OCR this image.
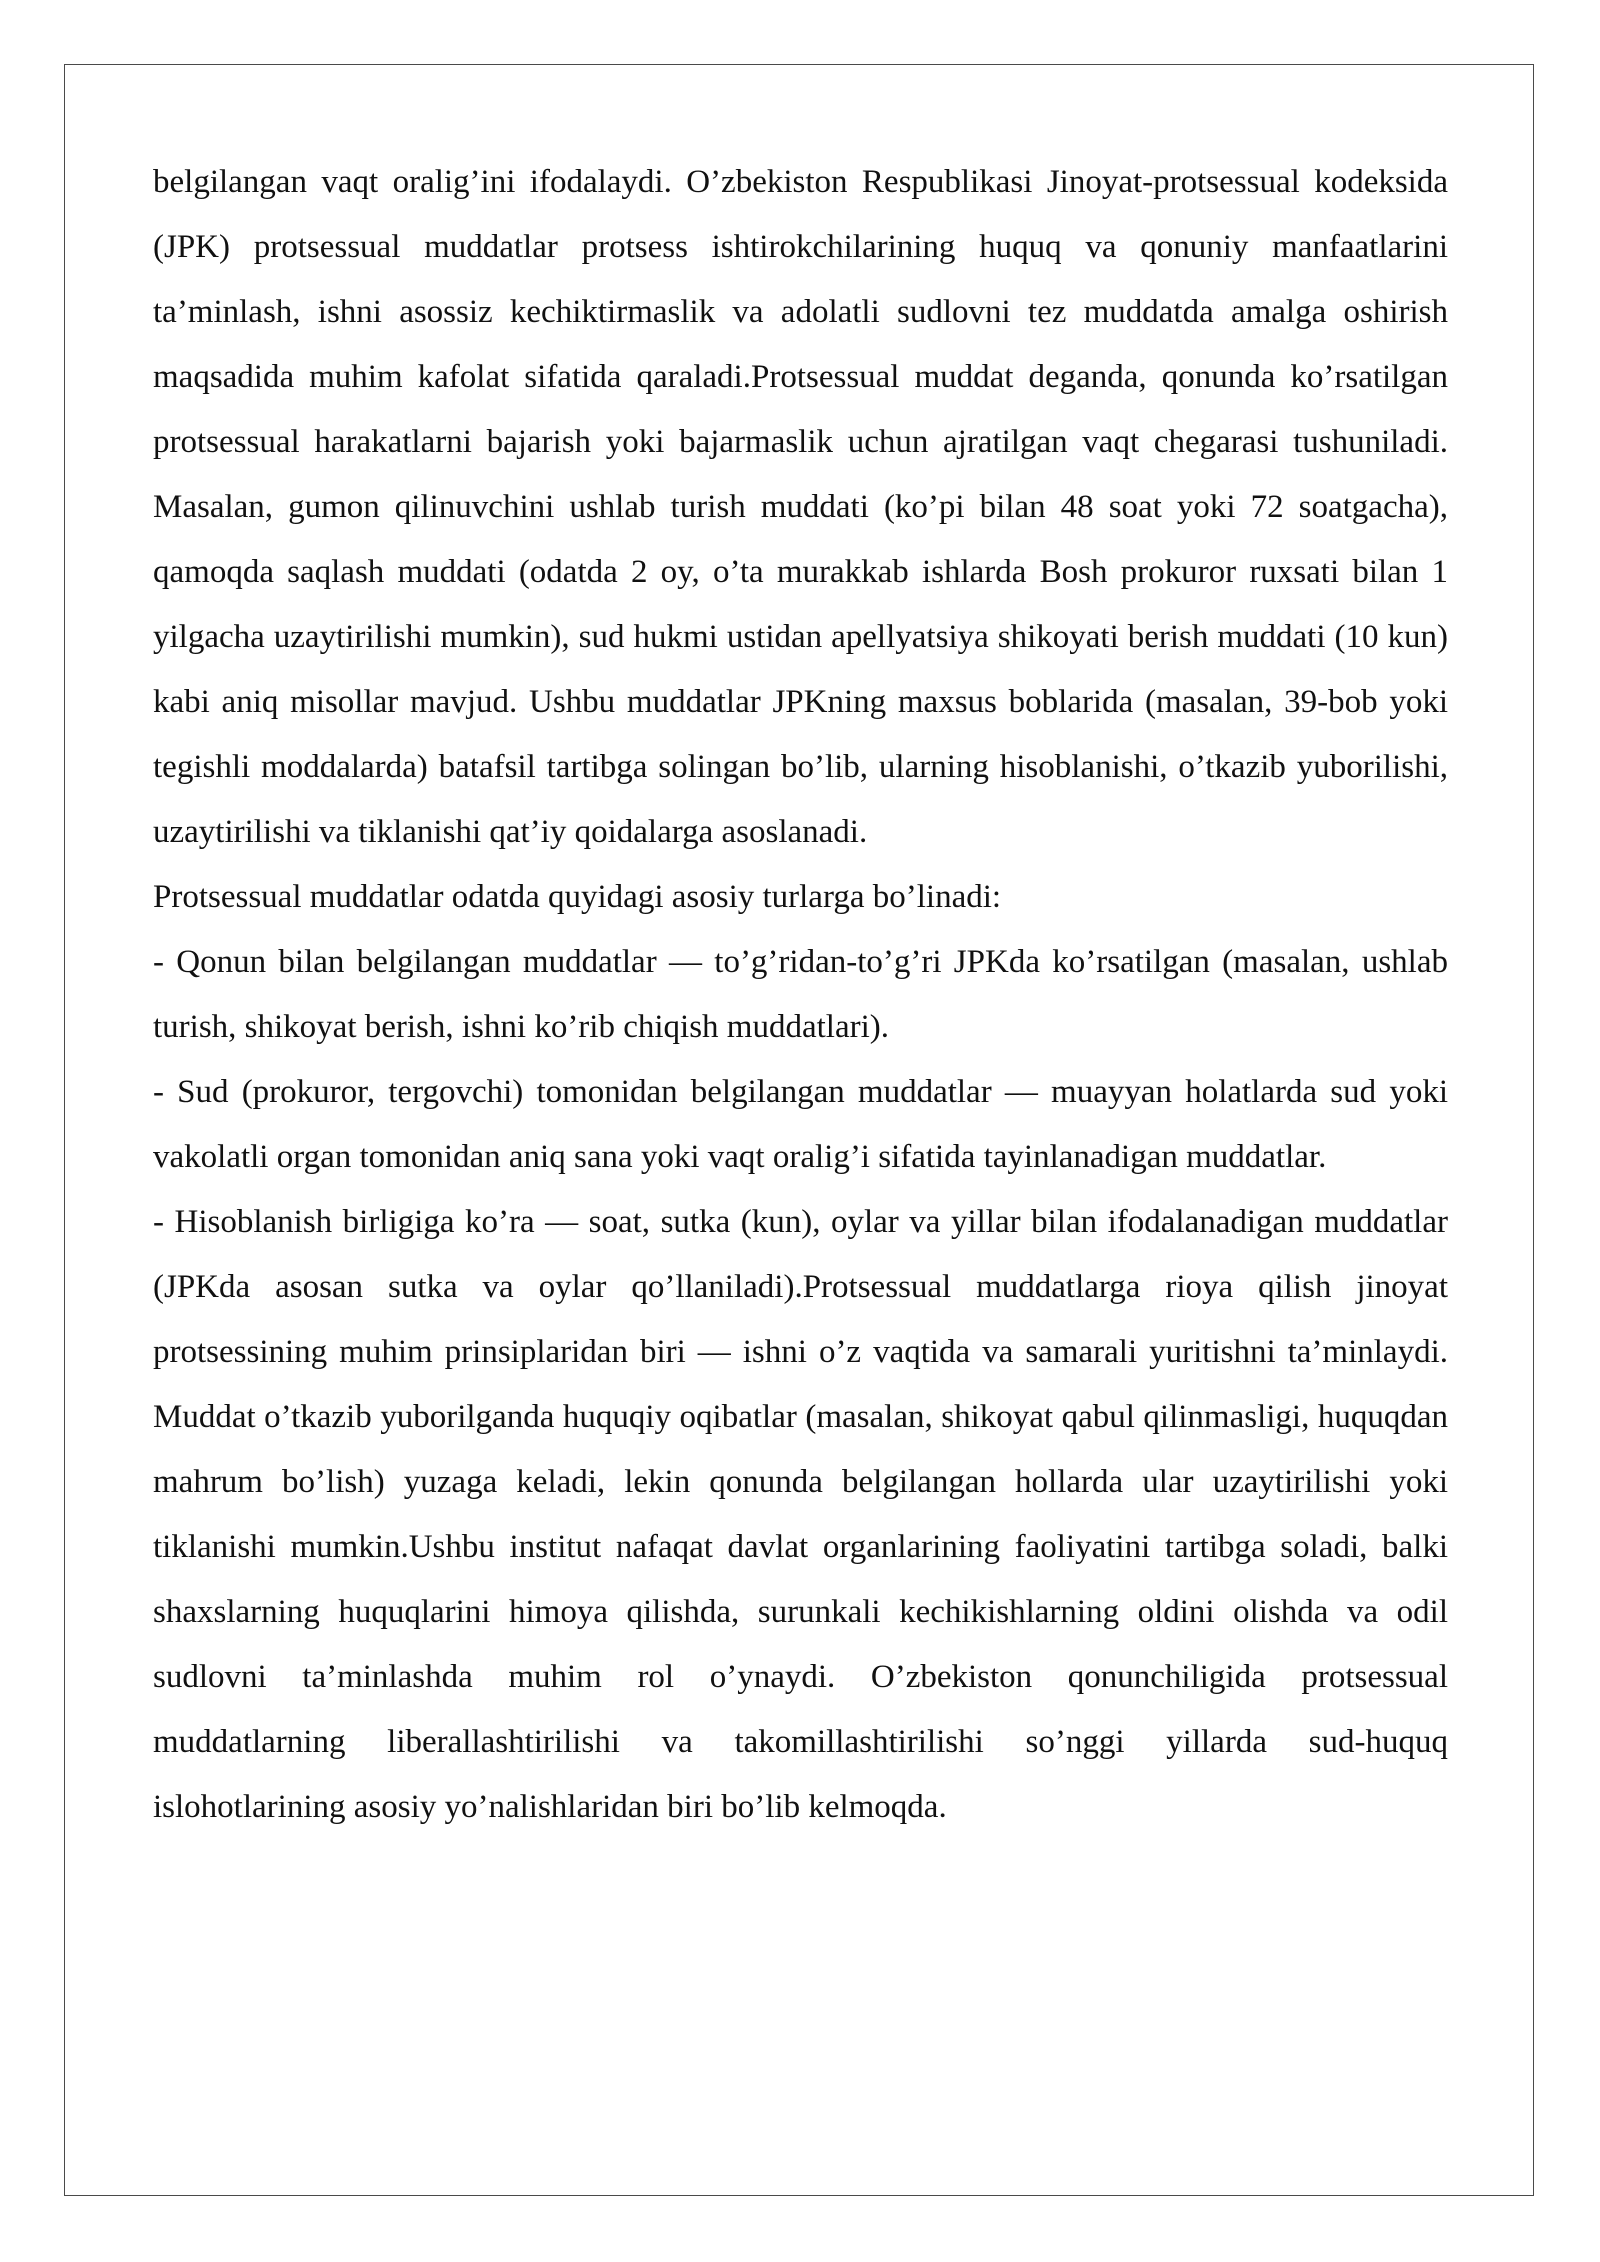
belgilangan vaqt oralig’ini ifodalaydi. O’zbekiston Respublikasi Jinoyat-protsessual kodeksida (JPK) protsessual muddatlar protsess ishtirokchilarining huquq va qonuniy manfaatlarini ta’minlash, ishni asossiz kechiktirmaslik va adolatli sudlovni tez muddatda amalga oshirish maqsadida muhim kafolat sifatida qaraladi.Protsessual muddat deganda, qonunda ko’rsatilgan protsessual harakatlarni bajarish yoki bajarmaslik uchun ajratilgan vaqt chegarasi tushuniladi. Masalan, gumon qilinuvchini ushlab turish muddati (ko’pi bilan 48 soat yoki 72 soatgacha), qamoqda saqlash muddati (odatda 2 oy, o’ta murakkab ishlarda Bosh prokuror ruxsati bilan 1 yilgacha uzaytirilishi mumkin), sud hukmi ustidan apellyatsiya shikoyati berish muddati (10 kun) kabi aniq misollar mavjud. Ushbu muddatlar JPKning maxsus boblarida (masalan, 39-bob yoki tegishli moddalarda) batafsil tartibga solingan bo’lib, ularning hisoblanishi, o’tkazib yuborilishi, uzaytirilishi va tiklanishi qat’iy qoidalarga asoslanadi.

Protsessual muddatlar odatda quyidagi asosiy turlarga bo’linadi:

- Qonun bilan belgilangan muddatlar — to’g’ridan-to’g’ri JPKda ko’rsatilgan (masalan, ushlab turish, shikoyat berish, ishni ko’rib chiqish muddatlari).

- Sud (prokuror, tergovchi) tomonidan belgilangan muddatlar — muayyan holatlarda sud yoki vakolatli organ tomonidan aniq sana yoki vaqt oralig’i sifatida tayinlanadigan muddatlar.

- Hisoblanish birligiga ko’ra — soat, sutka (kun), oylar va yillar bilan ifodalanadigan muddatlar (JPKda asosan sutka va oylar qo’llaniladi).Protsessual muddatlarga rioya qilish jinoyat protsessining muhim prinsiplaridan biri — ishni o’z vaqtida va samarali yuritishni ta’minlaydi. Muddat o’tkazib yuborilganda huquqiy oqibatlar (masalan, shikoyat qabul qilinmasligi, huquqdan mahrum bo’lish) yuzaga keladi, lekin qonunda belgilangan hollarda ular uzaytirilishi yoki tiklanishi mumkin.Ushbu institut nafaqat davlat organlarining faoliyatini tartibga soladi, balki shaxslarning huquqlarini himoya qilishda, surunkali kechikishlarning oldini olishda va odil sudlovni ta’minlashda muhim rol o’ynaydi. O’zbekiston qonunchiligida protsessual muddatlarning liberallashtirilishi va takomillashtirilishi so’nggi yillarda sud-huquq islohotlarining asosiy yo’nalishlaridan biri bo’lib kelmoqda.
